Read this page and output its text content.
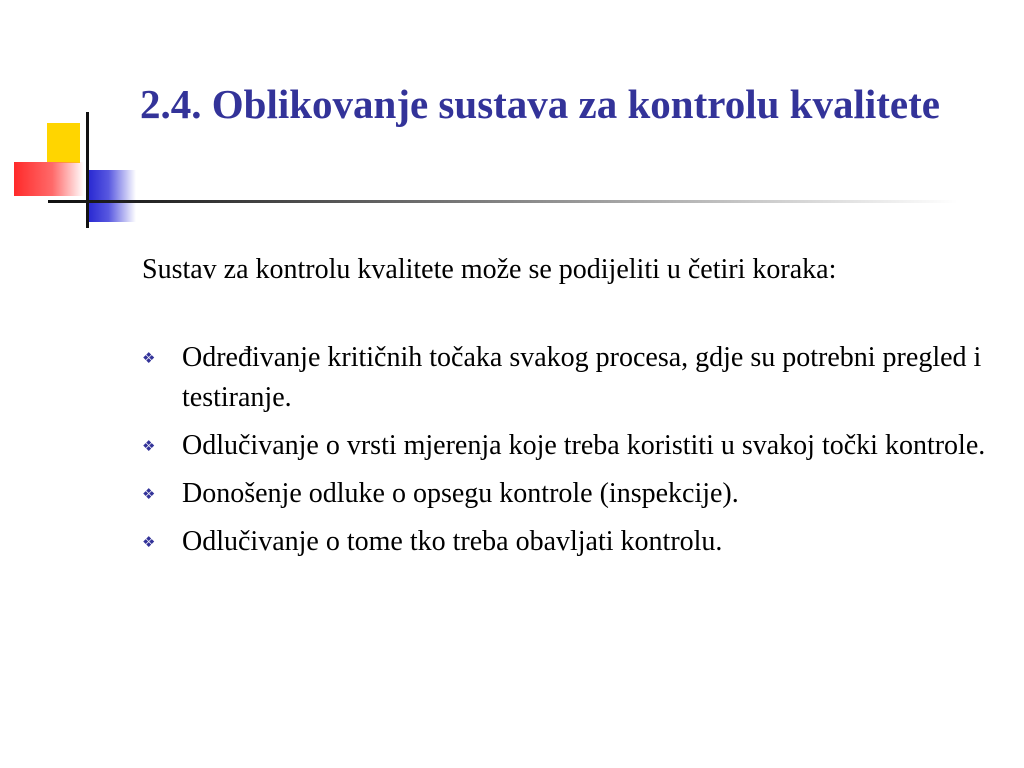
2.4. Oblikovanje sustava za kontrolu kvalitete

Sustav za kontrolu kvalitete može se podijeliti u četiri koraka:

❖ Određivanje kritičnih točaka svakog procesa, gdje su potrebni pregled i testiranje.
❖ Odlučivanje o vrsti mjerenja koje treba koristiti u svakoj točki kontrole.
❖ Donošenje odluke o opsegu kontrole (inspekcije).
❖ Odlučivanje o tome tko treba obavljati kontrolu.
